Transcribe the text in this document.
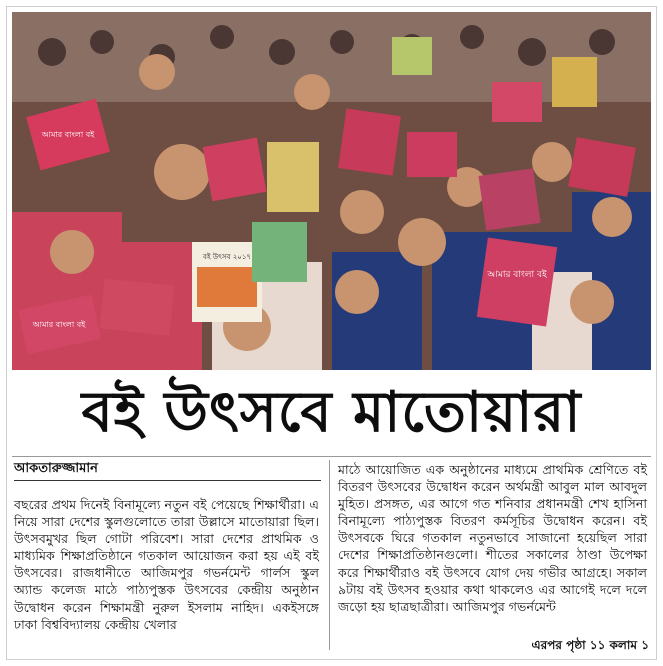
আমার বাংলা বই
আমার বাংলা বই
আমার বাংলা বই
বই উৎসব ২০১৭
বই উৎসবে মাতোয়ারা
আকতারুজ্জামান
বছরের প্রথম দিনেই বিনামূল্যে নতুন বই পেয়েছে শিক্ষার্থীরা। এ নিয়ে সারা দেশের স্কুলগুলোতে তারা উল্লাসে মাতোয়ারা ছিল। উৎসবমুখর ছিল গোটা পরিবেশ। সারা দেশের প্রাথমিক ও মাধ্যমিক শিক্ষাপ্রতিষ্ঠানে গতকাল আয়োজন করা হয় এই বই উৎসবের। রাজধানীতে আজিমপুর গভর্নমেন্ট গার্লস স্কুল অ্যান্ড কলেজ মাঠে পাঠ্যপুস্তক উৎসবের কেন্দ্রীয় অনুষ্ঠান উদ্বোধন করেন শিক্ষামন্ত্রী নুরুল ইসলাম নাহিদ। একইসঙ্গে ঢাকা বিশ্ববিদ্যালয় কেন্দ্রীয় খেলার
মাঠে আয়োজিত এক অনুষ্ঠানের মাধ্যমে প্রাথমিক শ্রেণিতে বই বিতরণ উৎসবের উদ্বোধন করেন অর্থমন্ত্রী আবুল মাল আবদুল মুহিত। প্রসঙ্গত, এর আগে গত শনিবার প্রধানমন্ত্রী শেখ হাসিনা বিনামূল্যে পাঠ্যপুস্তক বিতরণ কর্মসূচির উদ্বোধন করেন। বই উৎসবকে ঘিরে গতকাল নতুনভাবে সাজানো হয়েছিল সারা দেশের শিক্ষাপ্রতিষ্ঠানগুলো। শীতের সকালের ঠাণ্ডা উপেক্ষা করে শিক্ষার্থীরাও বই উৎসবে যোগ দেয় গভীর আগ্রহে। সকাল ৯টায় বই উৎসব হওয়ার কথা থাকলেও এর আগেই দলে দলে জড়ো হয় ছাত্রছাত্রীরা। আজিমপুর গভর্নমেন্ট
এরপর পৃষ্ঠা ১১ কলাম ১
